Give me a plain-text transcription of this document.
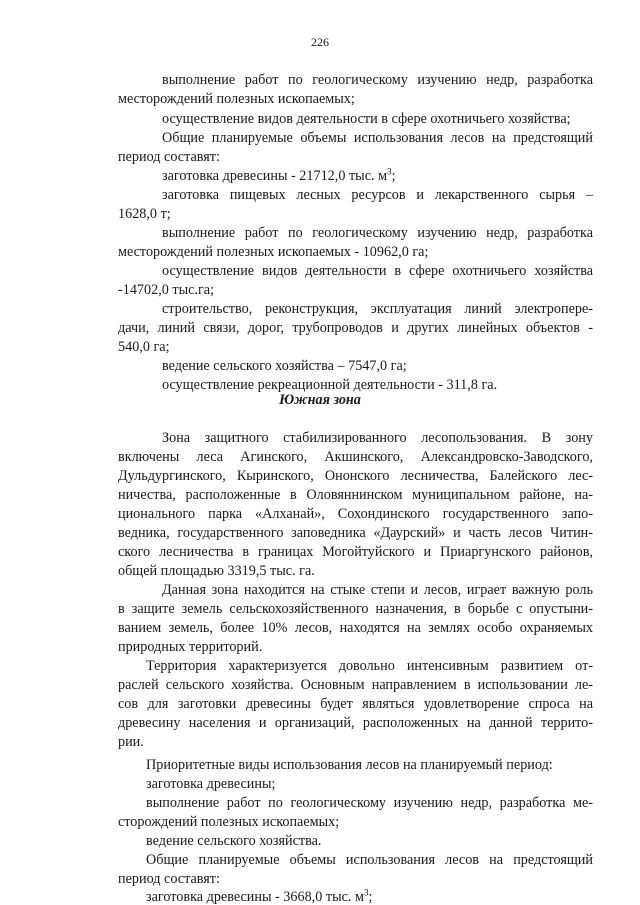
226
выполнение работ по геологическому изучению недр, разработка
месторождений полезных ископаемых;
осуществление видов деятельности в сфере охотничьего хозяйства;
Общие планируемые объемы использования лесов на предстоящий
период составят:
заготовка древесины - 21712,0 тыс. $м^3$;
заготовка пищевых лесных ресурсов и лекарственного сырья –
1628,0 т;
выполнение работ по геологическому изучению недр, разработка
месторождений полезных ископаемых - 10962,0 га;
осуществление видов деятельности в сфере охотничьего хозяйства
-14702,0 тыс.га;
строительство, реконструкция, эксплуатация линий электропере-
дачи, линий связи, дорог, трубопроводов и других линейных объектов -
540,0 га;
ведение сельского хозяйства – 7547,0 га;
осуществление рекреационной деятельности - 311,8 га.
Южная зона
Зона защитного стабилизированного лесопользования. В зону
включены леса Агинского, Акшинского, Александровско-Заводского,
Дульдургинского, Кыринского, Ононского лесничества, Балейского лес-
ничества, расположенные в Оловяннинском муниципальном районе, на-
ционального парка «Алханай», Сохондинского государственного запо-
ведника, государственного заповедника «Даурский» и часть лесов Читин-
ского лесничества в границах Могойтуйского и Приаргунского районов,
общей площадью 3319,5 тыс. га.
Данная зона находится на стыке степи и лесов, играет важную роль
в защите земель сельскохозяйственного назначения, в борьбе с опустыни-
ванием земель, более 10% лесов, находятся на землях особо охраняемых
природных территорий.
Территория характеризуется довольно интенсивным развитием от-
раслей сельского хозяйства. Основным направлением в использовании ле-
сов для заготовки древесины будет являться удовлетворение спроса на
древесину населения и организаций, расположенных на данной террито-
рии.
Приоритетные виды использования лесов на планируемый период:
заготовка древесины;
выполнение работ по геологическому изучению недр, разработка ме-
сторождений полезных ископаемых;
ведение сельского хозяйства.
Общие планируемые объемы использования лесов на предстоящий
период составят:
заготовка древесины - 3668,0 тыс. $м^3$;
